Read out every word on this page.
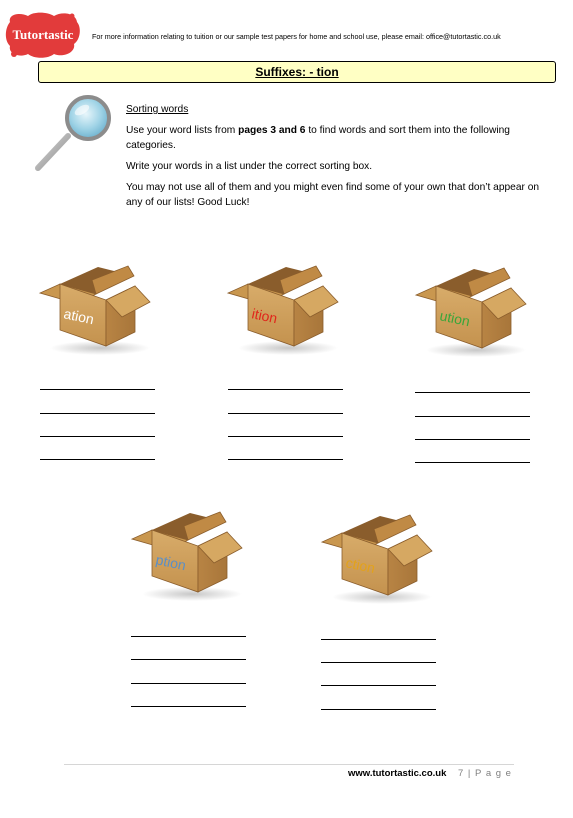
Tutortastic	For more information relating to tuition or our sample test papers for home and school use, please email: office@tutortastic.co.uk
Suffixes: - tion

Sorting words

Use your word lists from pages 3 and 6 to find words and sort them into the following categories.

Write your words in a list under the correct sorting box.

You may not use all of them and you might even find some of your own that don’t appear on any of our lists! Good Luck!

ation	ition	ution
ption	ction
www.tutortastic.co.uk 7 | P a g e
